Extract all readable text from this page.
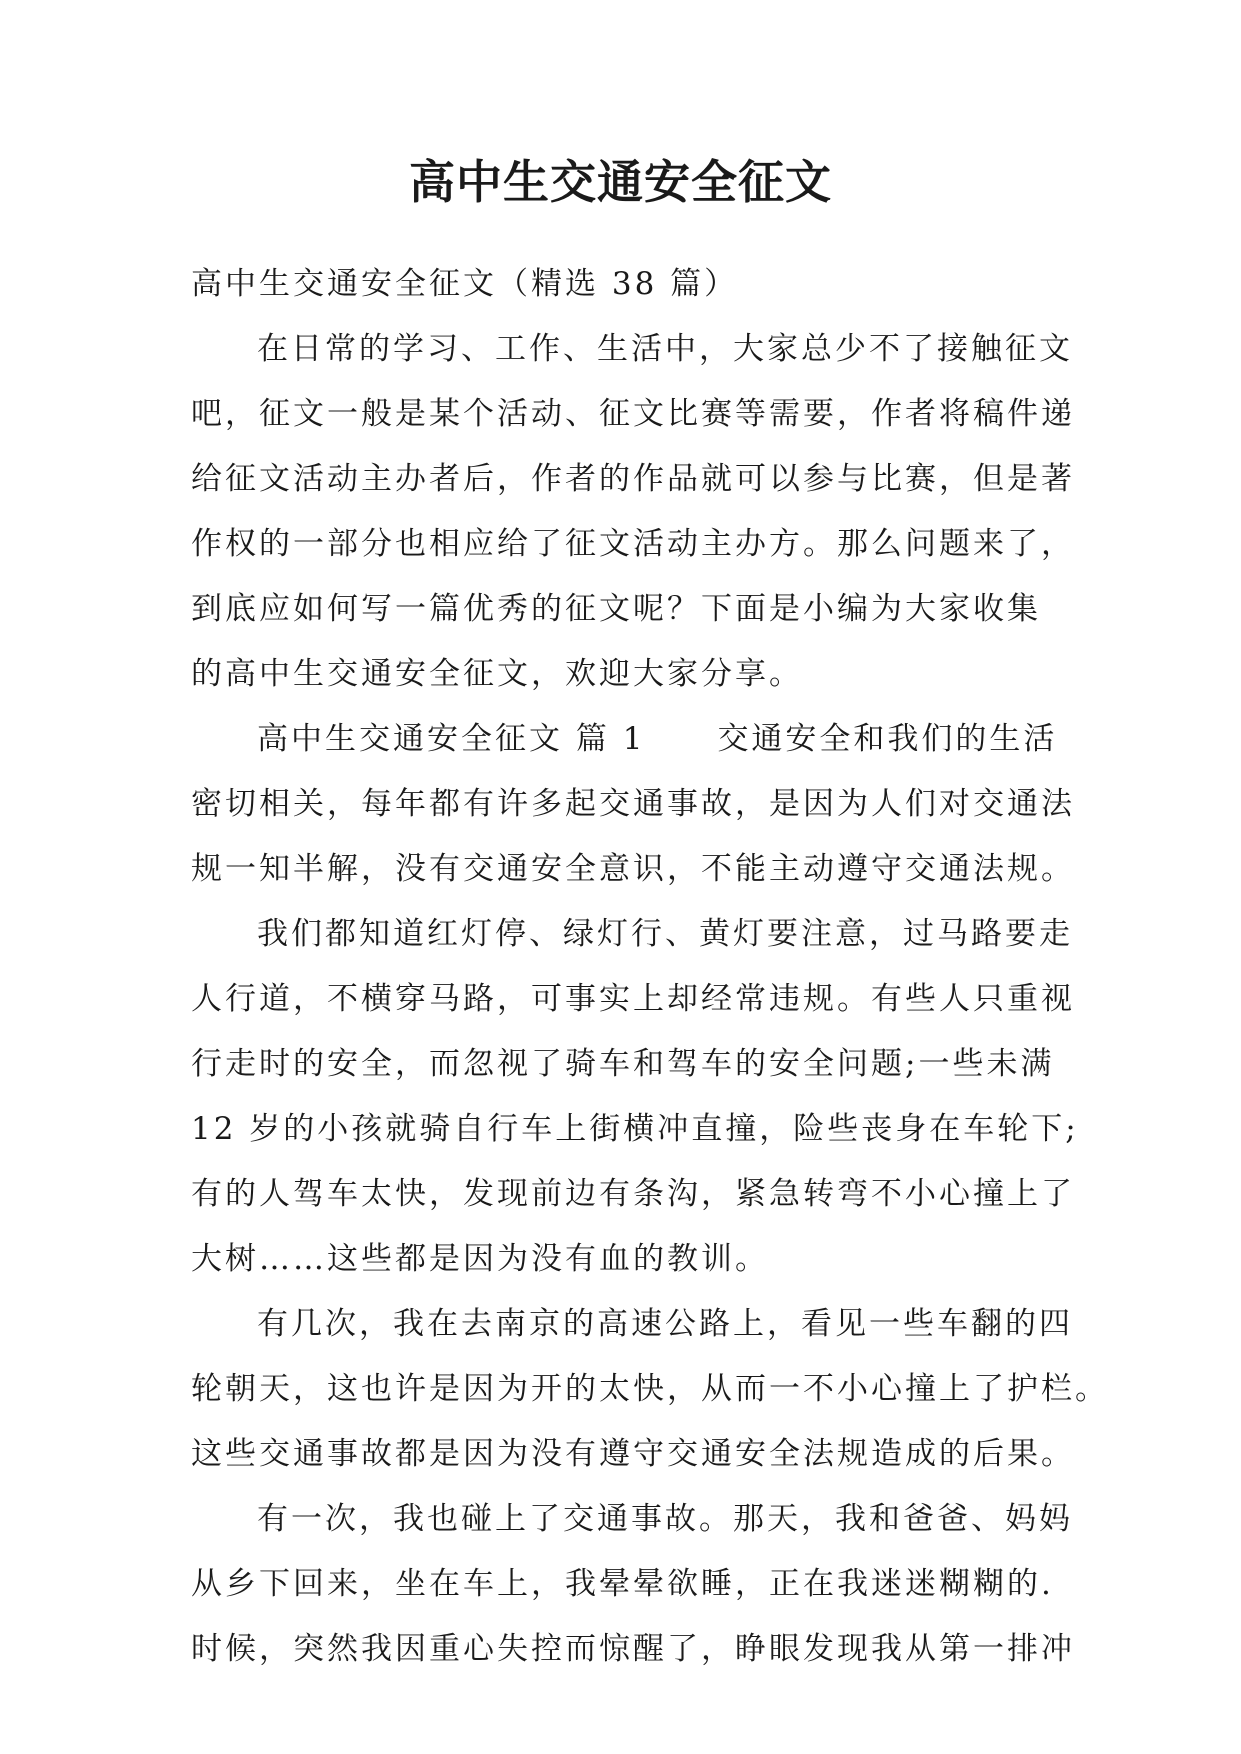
高中生交通安全征文
高中生交通安全征文（精选 38 篇）
在日常的学习、工作、生活中，大家总少不了接触征文
吧，征文一般是某个活动、征文比赛等需要，作者将稿件递
给征文活动主办者后，作者的作品就可以参与比赛，但是著
作权的一部分也相应给了征文活动主办方。那么问题来了，
到底应如何写一篇优秀的征文呢？下面是小编为大家收集
的高中生交通安全征文，欢迎大家分享。
高中生交通安全征文 篇 1 交通安全和我们的生活
密切相关，每年都有许多起交通事故，是因为人们对交通法
规一知半解，没有交通安全意识，不能主动遵守交通法规。
我们都知道红灯停、绿灯行、黄灯要注意，过马路要走
人行道，不横穿马路，可事实上却经常违规。有些人只重视
行走时的安全，而忽视了骑车和驾车的安全问题;一些未满
12 岁的小孩就骑自行车上街横冲直撞，险些丧身在车轮下;
有的人驾车太快，发现前边有条沟，紧急转弯不小心撞上了
大树……这些都是因为没有血的教训。
有几次，我在去南京的高速公路上，看见一些车翻的四
轮朝天，这也许是因为开的太快，从而一不小心撞上了护栏。
这些交通事故都是因为没有遵守交通安全法规造成的后果。
有一次，我也碰上了交通事故。那天，我和爸爸、妈妈
从乡下回来，坐在车上，我晕晕欲睡，正在我迷迷糊糊的.
时候，突然我因重心失控而惊醒了，睁眼发现我从第一排冲
